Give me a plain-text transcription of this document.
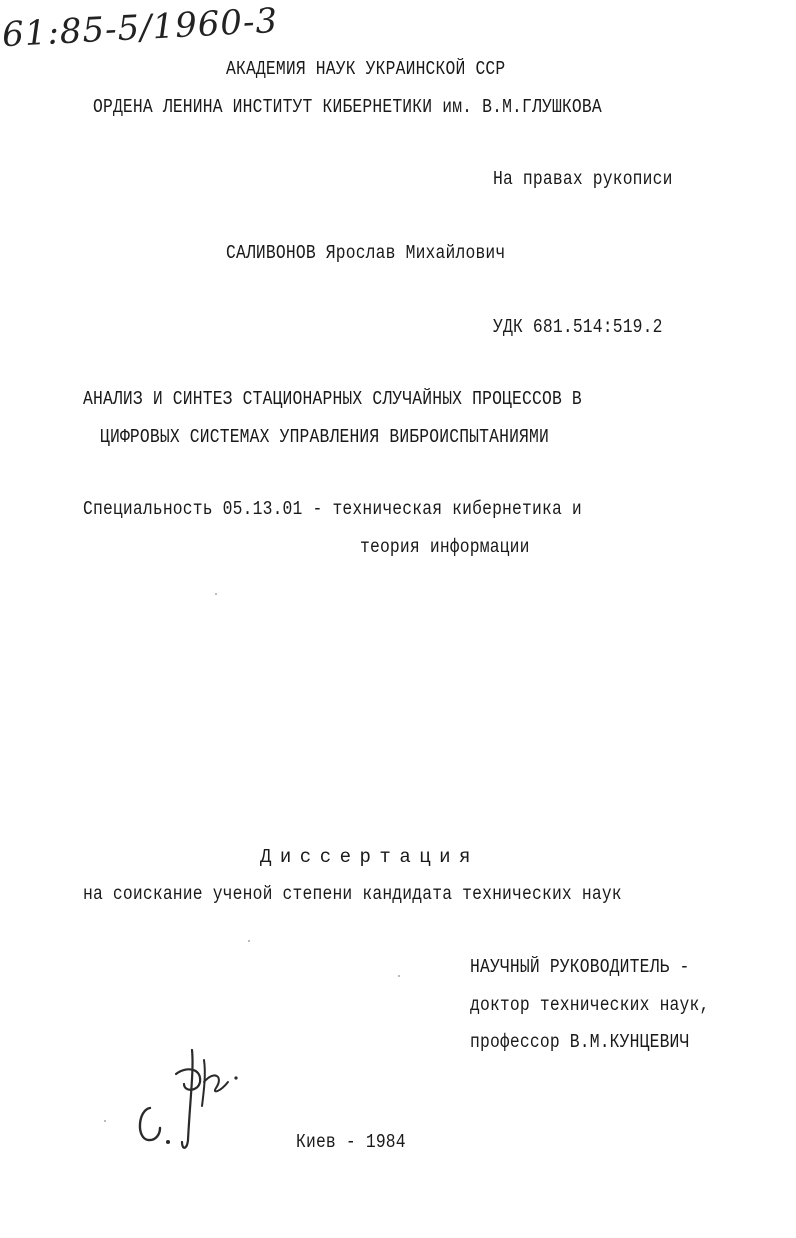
61:85-5/1960-3
АКАДЕМИЯ НАУК УКРАИНСКОЙ ССР
ОРДЕНА ЛЕНИНА ИНСТИТУТ КИБЕРНЕТИКИ им. В.М.ГЛУШКОВА
На правах рукописи
САЛИВОНОВ Ярослав Михайлович
УДК 681.514:519.2
АНАЛИЗ И СИНТЕЗ СТАЦИОНАРНЫХ СЛУЧАЙНЫХ ПРОЦЕССОВ В
ЦИФРОВЫХ СИСТЕМАХ УПРАВЛЕНИЯ ВИБРОИСПЫТАНИЯМИ
Специальность 05.13.01 - техническая кибернетика и
теория информации
Диссертация
на соискание ученой степени кандидата технических наук
НАУЧНЫЙ РУКОВОДИТЕЛЬ -
доктор технических наук,
профессор В.М.КУНЦЕВИЧ
Киев - 1984
